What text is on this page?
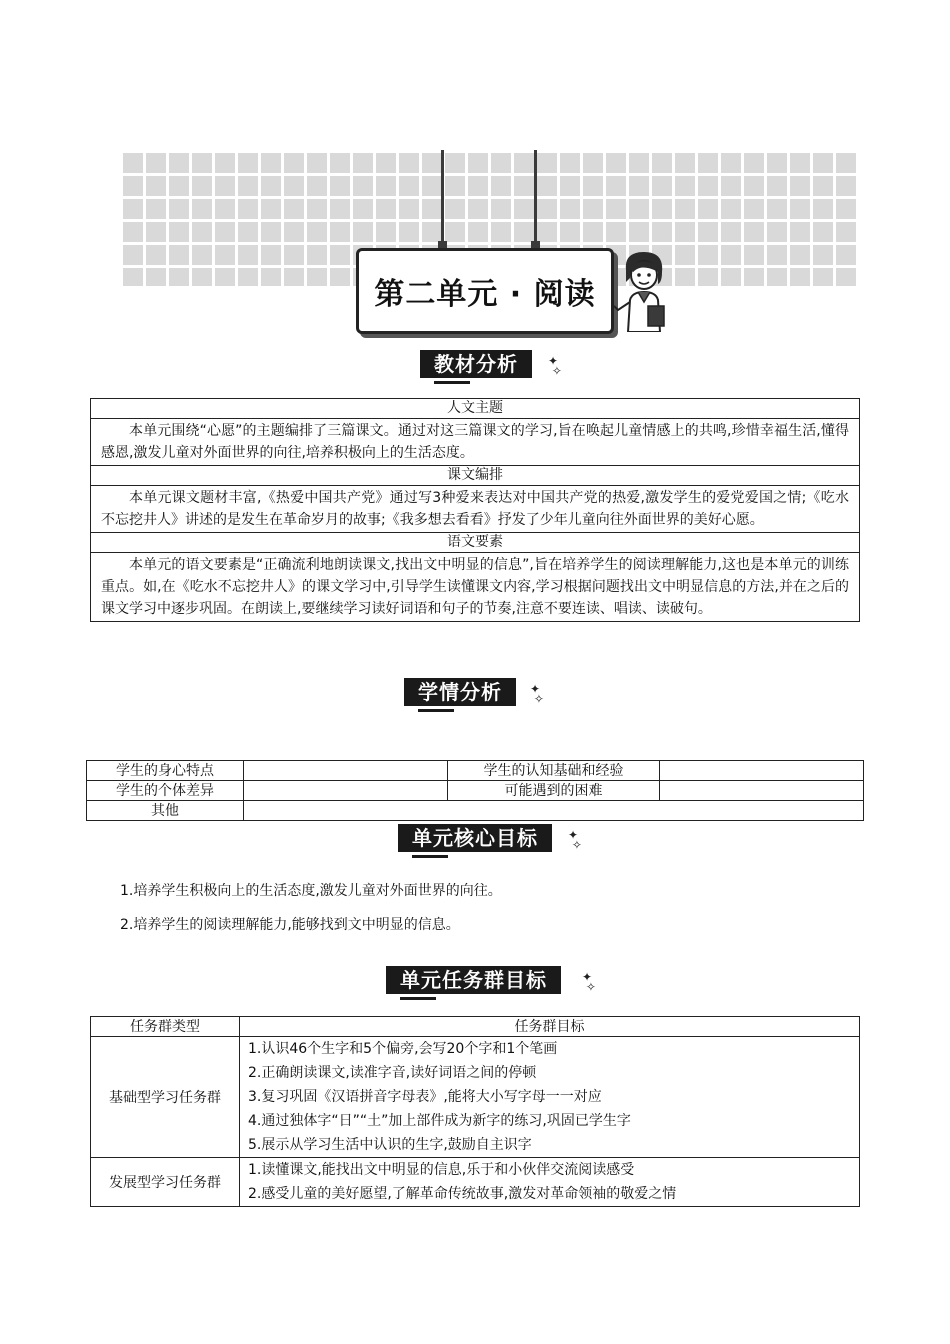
第二单元 · 阅读
教材分析	✦
✧
人文主题
本单元围绕“心愿”的主题编排了三篇课文。通过对这三篇课文的学习,旨在唤起儿童情感上的共鸣,珍惜幸福生活,懂得感恩,激发儿童对外面世界的向往,培养积极向上的生活态度。
课文编排
本单元课文题材丰富,《热爱中国共产党》通过写3种爱来表达对中国共产党的热爱,激发学生的爱党爱国之情;《吃水不忘挖井人》讲述的是发生在革命岁月的故事;《我多想去看看》抒发了少年儿童向往外面世界的美好心愿。
语文要素
本单元的语文要素是“正确流利地朗读课文,找出文中明显的信息”,旨在培养学生的阅读理解能力,这也是本单元的训练重点。如,在《吃水不忘挖井人》的课文学习中,引导学生读懂课文内容,学习根据问题找出文中明显信息的方法,并在之后的课文学习中逐步巩固。在朗读上,要继续学习读好词语和句子的节奏,注意不要连读、唱读、读破句。
学情分析	✦
✧
学生的身心特点		学生的认知基础和经验	
学生的个体差异		可能遇到的困难	
其他			
单元核心目标	✦
✧
1.培养学生积极向上的生活态度,激发儿童对外面世界的向往。
2.培养学生的阅读理解能力,能够找到文中明显的信息。
单元任务群目标	✦
✧
任务群类型	任务群目标
基础型学习任务群	1.认识46个生字和5个偏旁,会写20个字和1个笔画
2.正确朗读课文,读准字音,读好词语之间的停顿
3.复习巩固《汉语拼音字母表》,能将大小写字母一一对应
4.通过独体字“日”“土”加上部件成为新字的练习,巩固已学生字
5.展示从学习生活中认识的生字,鼓励自主识字

发展型学习任务群	1.读懂课文,能找出文中明显的信息,乐于和小伙伴交流阅读感受
2.感受儿童的美好愿望,了解革命传统故事,激发对革命领袖的敬爱之情
